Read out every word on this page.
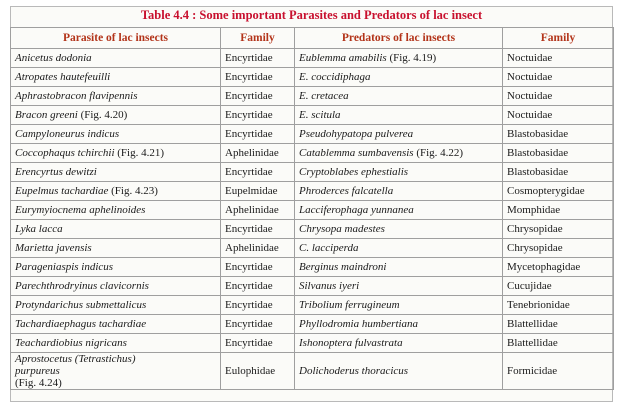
Table 4.4 : Some important Parasites and Predators of lac insect
Parasite of lac insects	Family	Predators of lac insects	Family
Anicetus dodonia	Encyrtidae	Eublemma amabilis (Fig. 4.19)	Noctuidae
Atropates hautefeuilli	Encyrtidae	E. coccidiphaga	Noctuidae
Aphrastobracon flavipennis	Encyrtidae	E. cretacea	Noctuidae
Bracon greeni (Fig. 4.20)	Encyrtidae	E. scitula	Noctuidae
Campyloneurus indicus	Encyrtidae	Pseudohypatopa pulverea	Blastobasidae
Coccophaqus tchirchii (Fig. 4.21)	Aphelinidae	Catablemma sumbavensis (Fig. 4.22)	Blastobasidae
Erencyrtus dewitzi	Encyrtidae	Cryptoblabes ephestialis	Blastobasidae
Eupelmus tachardiae (Fig. 4.23)	Eupelmidae	Phroderces falcatella	Cosmopterygidae
Eurymyiocnema aphelinoides	Aphelinidae	Lacciferophaga yunnanea	Momphidae
Lyka lacca	Encyrtidae	Chrysopa madestes	Chrysopidae
Marietta javensis	Aphelinidae	C. lacciperda	Chrysopidae
Parageniaspis indicus	Encyrtidae	Berginus maindroni	Mycetophagidae
Parechthrodryinus clavicornis	Encyrtidae	Silvanus iyeri	Cucujidae
Protyndarichus submettalicus	Encyrtidae	Tribolium ferrugineum	Tenebrionidae
Tachardiaephagus tachardiae	Encyrtidae	Phyllodromia humbertiana	Blattellidae
Teachardiobius nigricans	Encyrtidae	Ishonoptera fulvastrata	Blattellidae

Aprostocetus (Tetrastichus)
purpureus
(Fig. 4.24)	Eulophidae	Dolichoderus thoracicus	Formicidae
